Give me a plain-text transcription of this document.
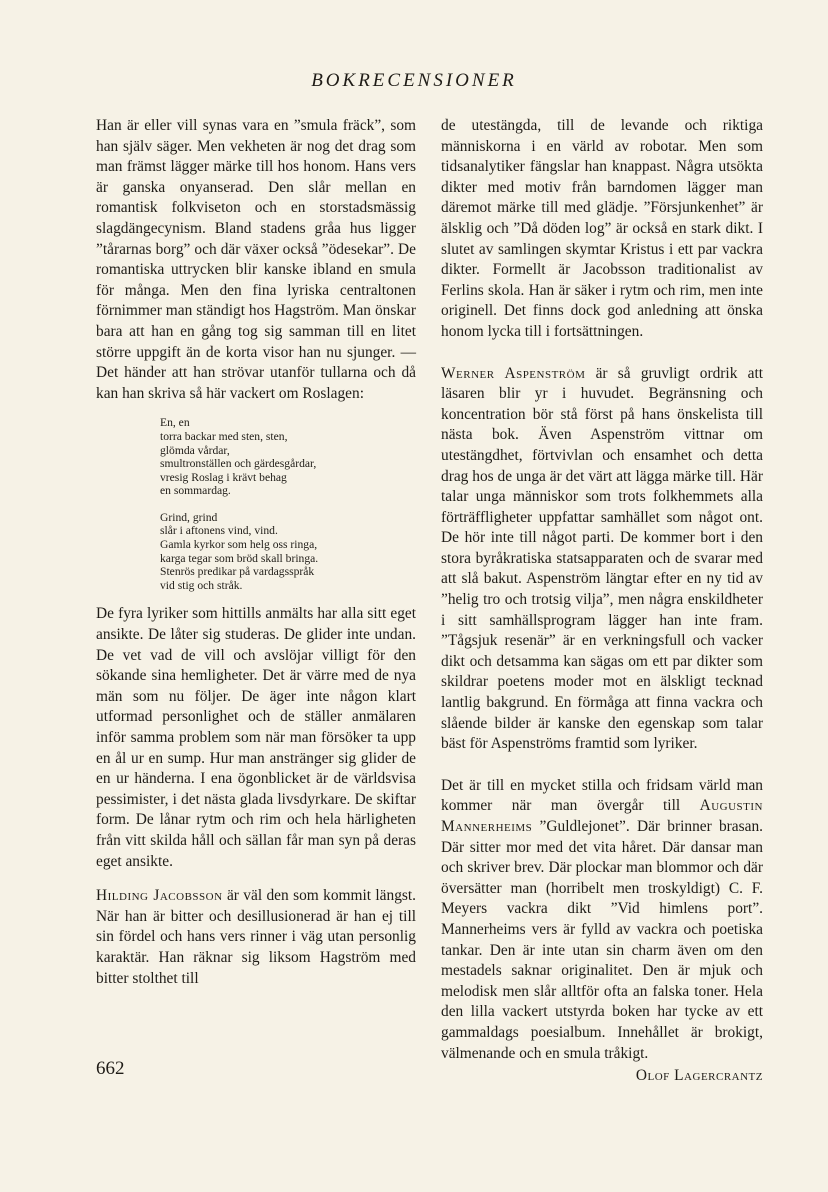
BOKRECENSIONER

Han är eller vill synas vara en ”smula fräck”, som han själv säger. Men vekheten är nog det drag som man främst lägger märke till hos honom. Hans vers är ganska onyanserad. Den slår mellan en romantisk folkviseton och en storstadsmässig slagdängecynism. Bland stadens gråa hus ligger ”tårarnas borg” och där växer också ”ödesekar”. De romantiska uttrycken blir kanske ibland en smula för många. Men den fina lyriska centraltonen förnimmer man ständigt hos Hagström. Man önskar bara att han en gång tog sig samman till en litet större uppgift än de korta visor han nu sjunger. — Det händer att han strövar utanför tullarna och då kan han skriva så här vackert om Roslagen:

En, en
torra backar med sten, sten,
glömda vårdar,
smultronställen och gärdesgårdar,
vresig Roslag i krävt behag
en sommardag.
Grind, grind
slår i aftonens vind, vind.
Gamla kyrkor som helg oss ringa,
karga tegar som bröd skall bringa.
Stenrös predikar på vardagsspråk
vid stig och stråk.

De fyra lyriker som hittills anmälts har alla sitt eget ansikte. De låter sig studeras. De glider inte undan. De vet vad de vill och avslöjar villigt för den sökande sina hemligheter. Det är värre med de nya män som nu följer. De äger inte någon klart utformad personlighet och de ställer anmälaren inför samma problem som när man försöker ta upp en ål ur en sump. Hur man anstränger sig glider de en ur händerna. I ena ögonblicket är de världsvisa pessimister, i det nästa glada livsdyrkare. De skiftar form. De lånar rytm och rim och hela härligheten från vitt skilda håll och sällan får man syn på deras eget ansikte.

Hilding Jacobsson är väl den som kommit längst. När han är bitter och desillusionerad är han ej till sin fördel och hans vers rinner i väg utan personlig karaktär. Han räknar sig liksom Hagström med bitter stolthet till

de utestängda, till de levande och riktiga människorna i en värld av robotar. Men som tidsanalytiker fängslar han knappast. Några utsökta dikter med motiv från barndomen lägger man däremot märke till med glädje. ”Försjunkenhet” är älsklig och ”Då döden log” är också en stark dikt. I slutet av samlingen skymtar Kristus i ett par vackra dikter. Formellt är Jacobsson traditionalist av Ferlins skola. Han är säker i rytm och rim, men inte originell. Det finns dock god anledning att önska honom lycka till i fortsättningen.

Werner Aspenström är så gruvligt ordrik att läsaren blir yr i huvudet. Begränsning och koncentration bör stå först på hans önskelista till nästa bok. Även Aspenström vittnar om utestängdhet, förtvivlan och ensamhet och detta drag hos de unga är det värt att lägga märke till. Här talar unga människor som trots folkhemmets alla förträffligheter uppfattar samhället som något ont. De hör inte till något parti. De kommer bort i den stora byråkratiska statsapparaten och de svarar med att slå bakut. Aspenström längtar efter en ny tid av ”helig tro och trotsig vilja”, men några enskildheter i sitt samhällsprogram lägger han inte fram. ”Tågsjuk resenär” är en verkningsfull och vacker dikt och detsamma kan sägas om ett par dikter som skildrar poetens moder mot en älskligt tecknad lantlig bakgrund. En förmåga att finna vackra och slående bilder är kanske den egenskap som talar bäst för Aspenströms framtid som lyriker.

Det är till en mycket stilla och fridsam värld man kommer när man övergår till Augustin Mannerheims ”Guldlejonet”. Där brinner brasan. Där sitter mor med det vita håret. Där dansar man och skriver brev. Där plockar man blommor och där översätter man (horribelt men troskyldigt) C. F. Meyers vackra dikt ”Vid himlens port”. Mannerheims vers är fylld av vackra och poetiska tankar. Den är inte utan sin charm även om den mestadels saknar originalitet. Den är mjuk och melodisk men slår alltför ofta an falska toner. Hela den lilla vackert utstyrda boken har tycke av ett gammaldags poesialbum. Innehållet är brokigt, välmenande och en smula tråkigt.

Olof Lagercrantz
662
